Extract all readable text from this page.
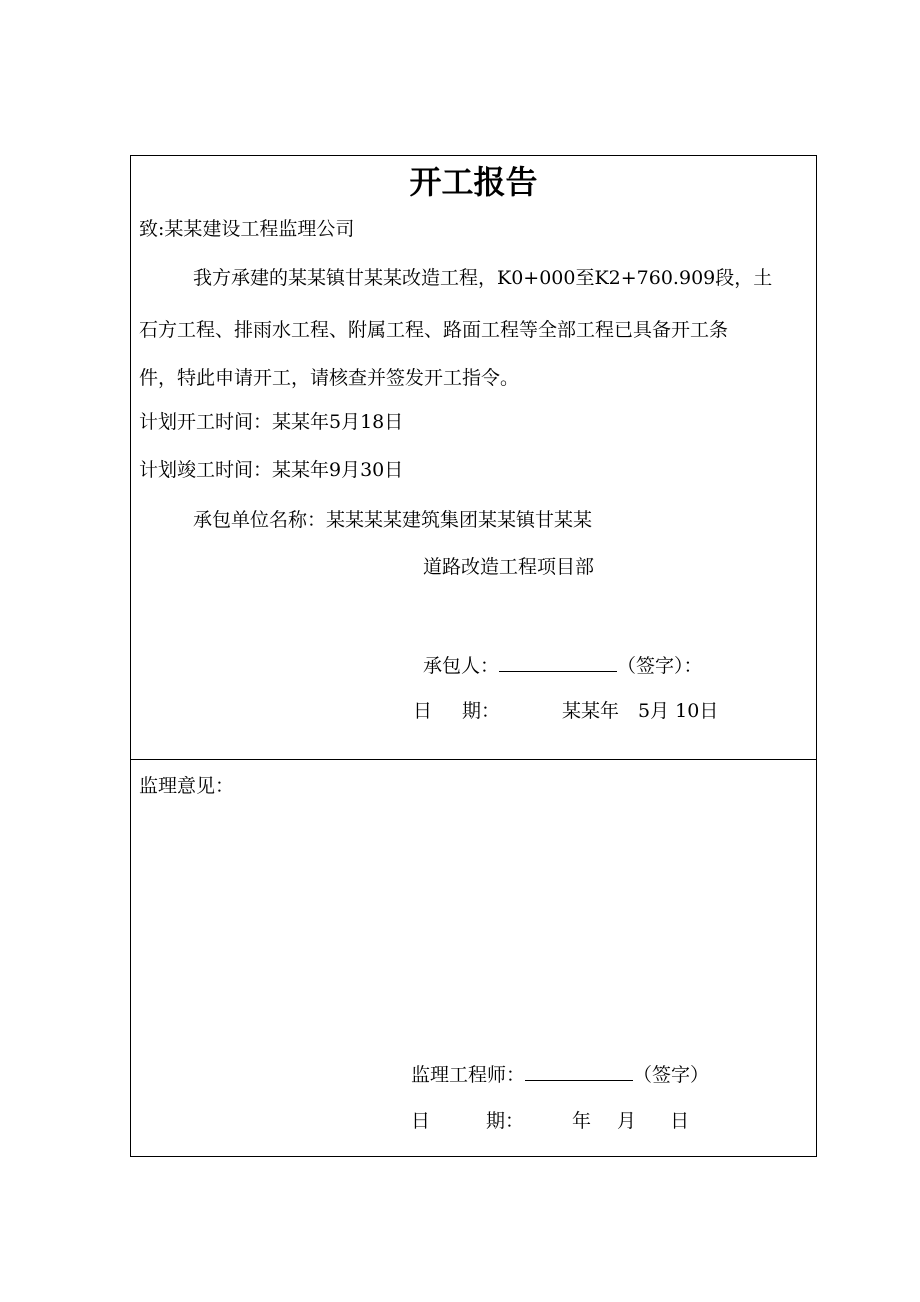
开工报告
致:某某建设工程监理公司
我方承建的某某镇甘某某改造工程，K0+000至K2+760.909段，土
石方工程、排雨水工程、附属工程、路面工程等全部工程已具备开工条
件，特此申请开工，请核查并签发开工指令。
计划开工时间：某某年5月18日
计划竣工时间：某某年9月30日
承包单位名称：某某某某建筑集团某某镇甘某某
道路改造工程项目部
承包人：	（签字）：
日 期：	某某年　5月 10日
监理意见：
监理工程师：	（签字）
日	期：	年 月 日
